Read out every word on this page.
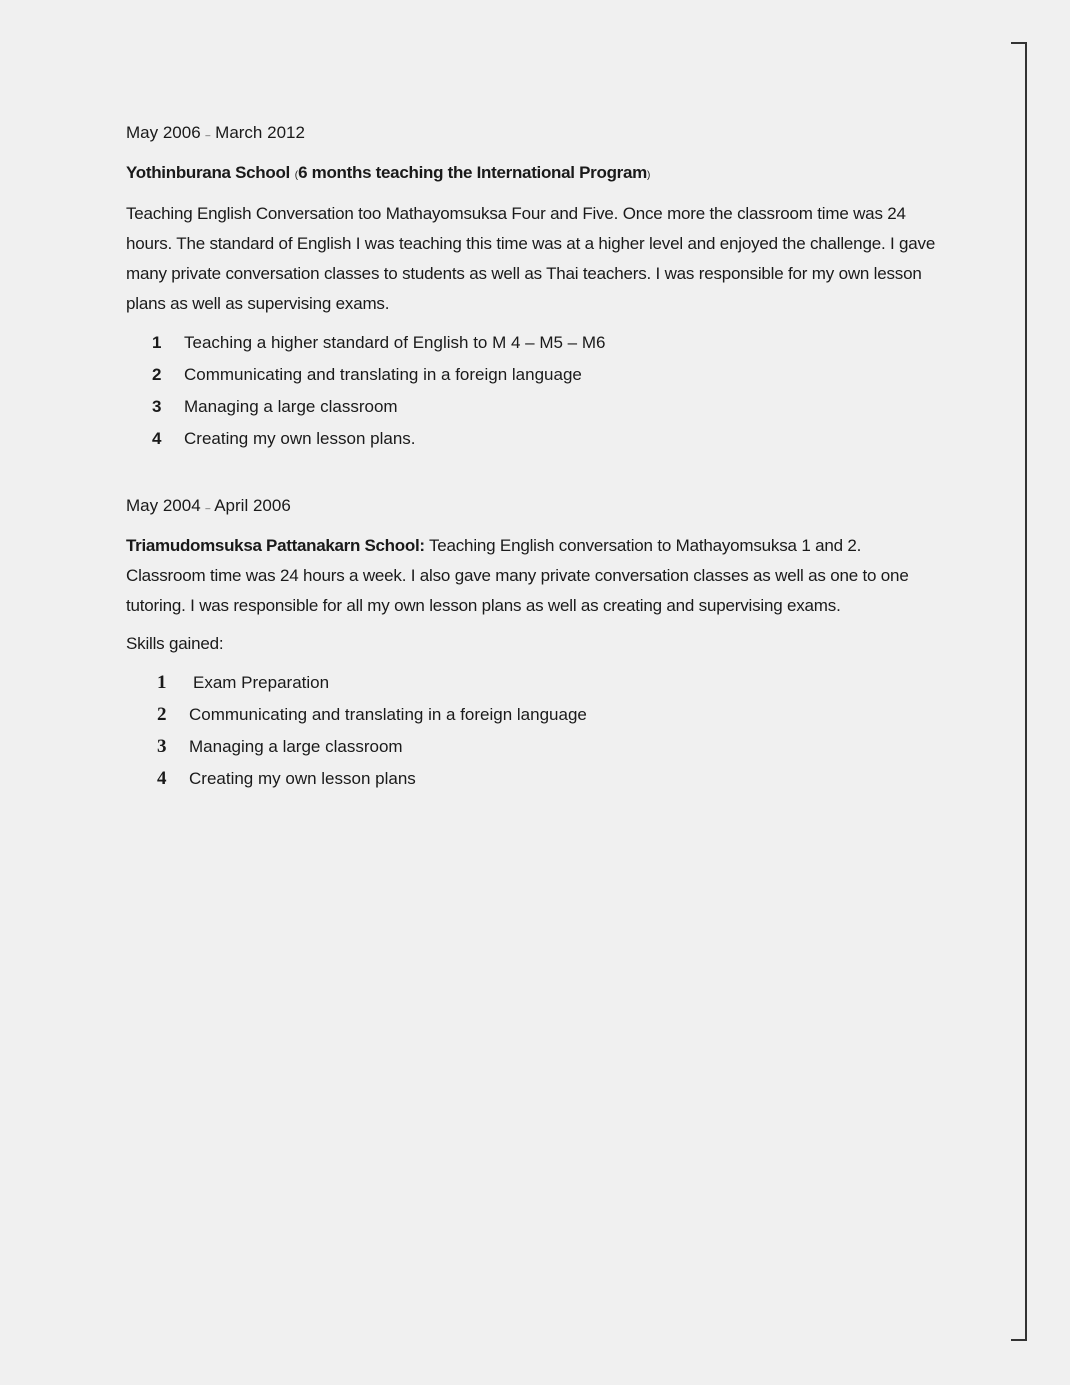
May 2006 – March 2012

Yothinburana School (6 months teaching the International Program)

Teaching English Conversation too Mathayomsuksa Four and Five. Once more the classroom time was 24 hours. The standard of English I was teaching this time was at a higher level and enjoyed the challenge. I gave many private conversation classes to students as well as Thai teachers. I was responsible for my own lesson plans as well as supervising exams.

1	Teaching a higher standard of English to M 4 – M5 – M6
2	Communicating and translating in a foreign language
3	Managing a large classroom
4	Creating my own lesson plans.

May 2004 – April 2006

Triamudomsuksa Pattanakarn School: Teaching English conversation to Mathayomsuksa 1 and 2. Classroom time was 24 hours a week. I also gave many private conversation classes as well as one to one tutoring. I was responsible for all my own lesson plans as well as creating and supervising exams.

Skills gained:

1	Exam Preparation
2	Communicating and translating in a foreign language
3	Managing a large classroom
4	Creating my own lesson plans
